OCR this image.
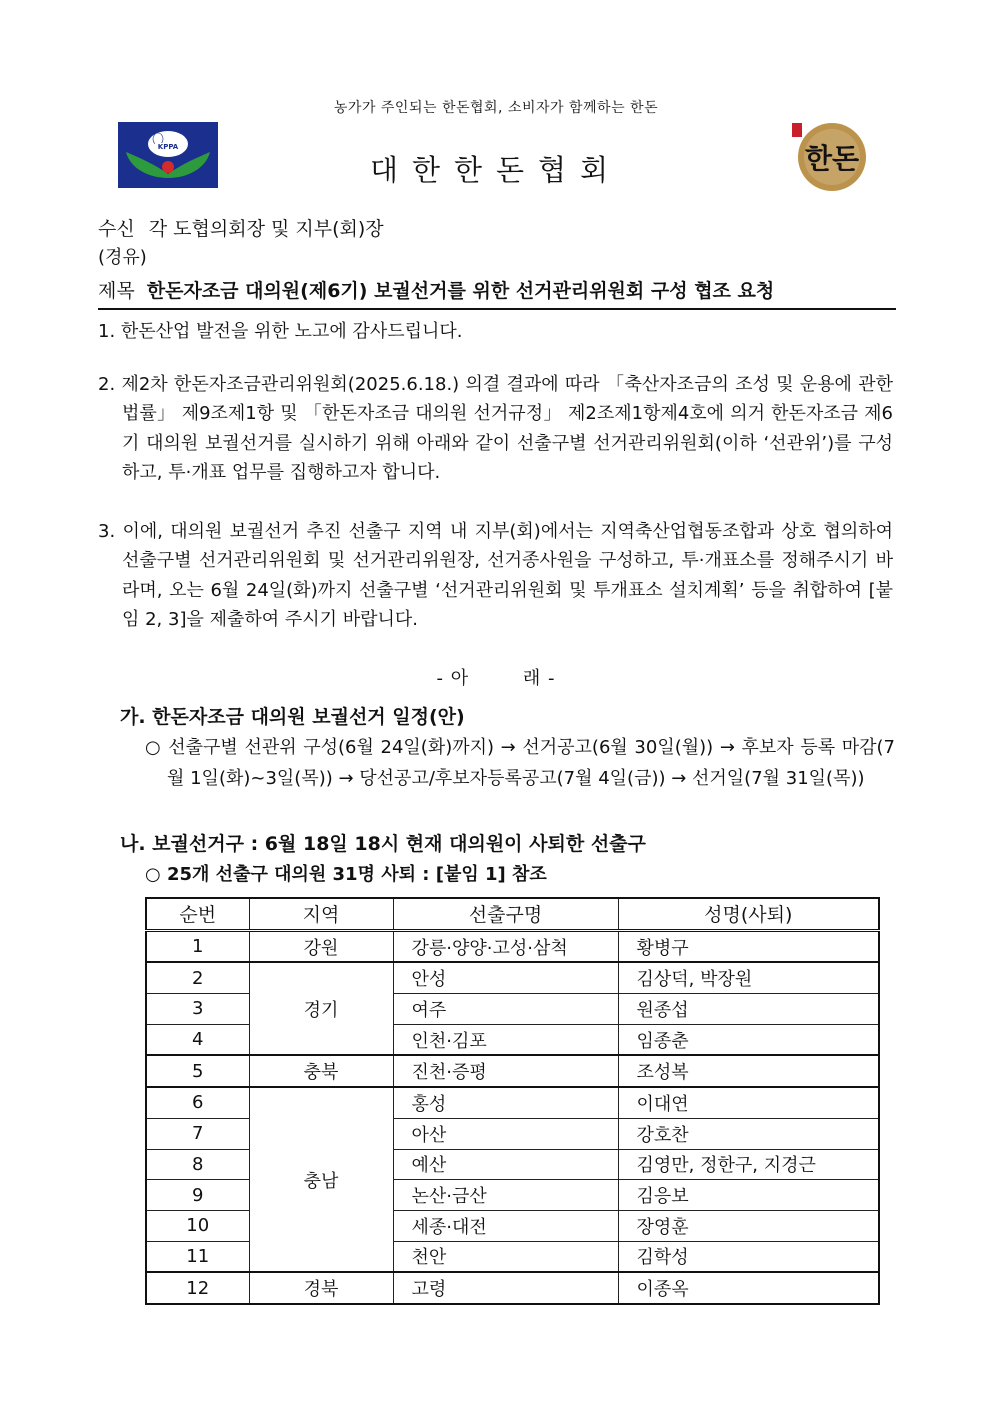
농가가 주인되는 한돈협회, 소비자가 함께하는 한돈
KPPA
대한한돈협회	한돈
수신 각 도협의회장 및 지부(회)장
(경유)
제목 한돈자조금 대의원(제6기) 보궐선거를 위한 선거관리위원회 구성 협조 요청
1. 한돈산업 발전을 위한 노고에 감사드립니다.
2. 제2차 한돈자조금관리위원회(2025.6.18.) 의결 결과에 따라 「축산자조금의 조성 및 운용에 관한 법률」 제9조제1항 및 「한돈자조금 대의원 선거규정」 제2조제1항제4호에 의거 한돈자조금 제6기 대의원 보궐선거를 실시하기 위해 아래와 같이 선출구별 선거관리위원회(이하 ‘선관위’)를 구성하고, 투·개표 업무를 집행하고자 합니다.
3. 이에, 대의원 보궐선거 추진 선출구 지역 내 지부(회)에서는 지역축산업협동조합과 상호 협의하여 선출구별 선거관리위원회 및 선거관리위원장, 선거종사원을 구성하고, 투·개표소를 정해주시기 바라며, 오는 6월 24일(화)까지 선출구별 ‘선거관리위원회 및 투개표소 설치계획’ 등을 취합하여 [붙임 2, 3]을 제출하여 주시기 바랍니다.
- 아        래 -
가. 한돈자조금 대의원 보궐선거 일정(안)
○ 선출구별 선관위 구성(6월 24일(화)까지) → 선거공고(6월 30일(월)) → 후보자 등록 마감(7월 1일(화)~3일(목)) → 당선공고/후보자등록공고(7월 4일(금)) → 선거일(7월 31일(목))
나. 보궐선거구 : 6월 18일 18시 현재 대의원이 사퇴한 선출구
○ 25개 선출구 대의원 31명 사퇴 : [붙임 1] 참조
순번	지역	선출구명	성명(사퇴)
1	강원	강릉·양양·고성·삼척	황병구
2	경기	안성	김상덕, 박장원
3		여주	원종섭
4		인천·김포	임종춘
5	충북	진천·증평	조성복
6	충남	홍성	이대연
7		아산	강호찬
8		예산	김영만, 정한구, 지경근
9		논산·금산	김응보
10		세종·대전	장영훈
11		천안	김학성
12	경북	고령	이종옥
